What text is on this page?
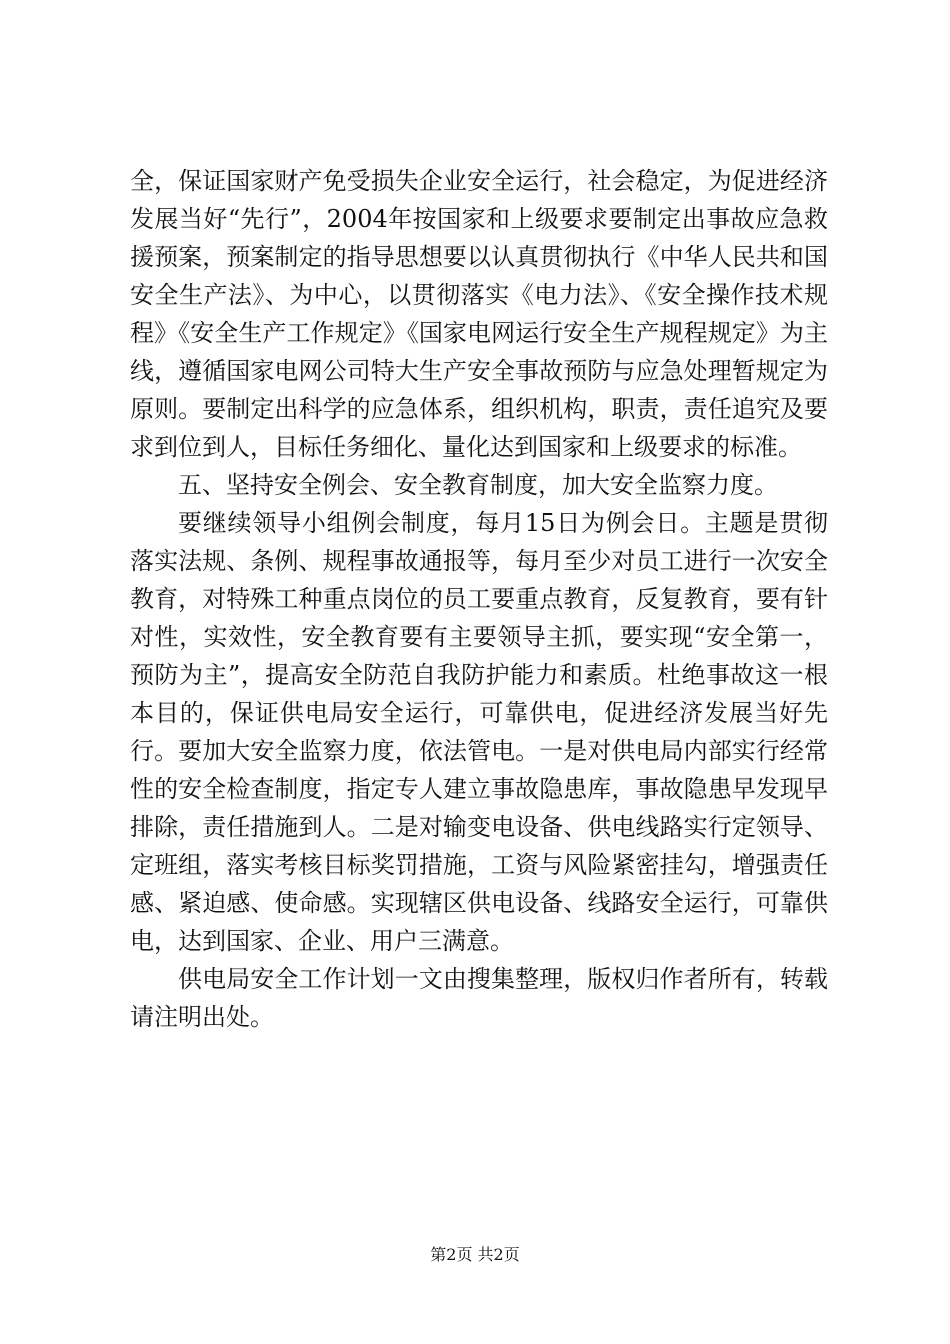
全，保证国家财产免受损失企业安全运行，社会稳定，为促进经济发展当好“先行”，2004年按国家和上级要求要制定出事故应急救援预案，预案制定的指导思想要以认真贯彻执行《中华人民共和国安全生产法》、为中心，以贯彻落实《电力法》、《安全操作技术规程》《安全生产工作规定》《国家电网运行安全生产规程规定》为主线，遵循国家电网公司特大生产安全事故预防与应急处理暂规定为原则。要制定出科学的应急体系，组织机构，职责，责任追究及要求到位到人，目标任务细化、量化达到国家和上级要求的标准。

五、坚持安全例会、安全教育制度，加大安全监察力度。

要继续领导小组例会制度，每月15日为例会日。主题是贯彻落实法规、条例、规程事故通报等，每月至少对员工进行一次安全教育，对特殊工种重点岗位的员工要重点教育，反复教育，要有针对性，实效性，安全教育要有主要领导主抓，要实现“安全第一，预防为主”，提高安全防范自我防护能力和素质。杜绝事故这一根本目的，保证供电局安全运行，可靠供电，促进经济发展当好先行。要加大安全监察力度，依法管电。一是对供电局内部实行经常性的安全检查制度，指定专人建立事故隐患库，事故隐患早发现早排除，责任措施到人。二是对输变电设备、供电线路实行定领导、定班组，落实考核目标奖罚措施，工资与风险紧密挂勾，增强责任感、紧迫感、使命感。实现辖区供电设备、线路安全运行，可靠供电，达到国家、企业、用户三满意。

供电局安全工作计划一文由搜集整理，版权归作者所有，转载请注明出处。

第2页 共2页
